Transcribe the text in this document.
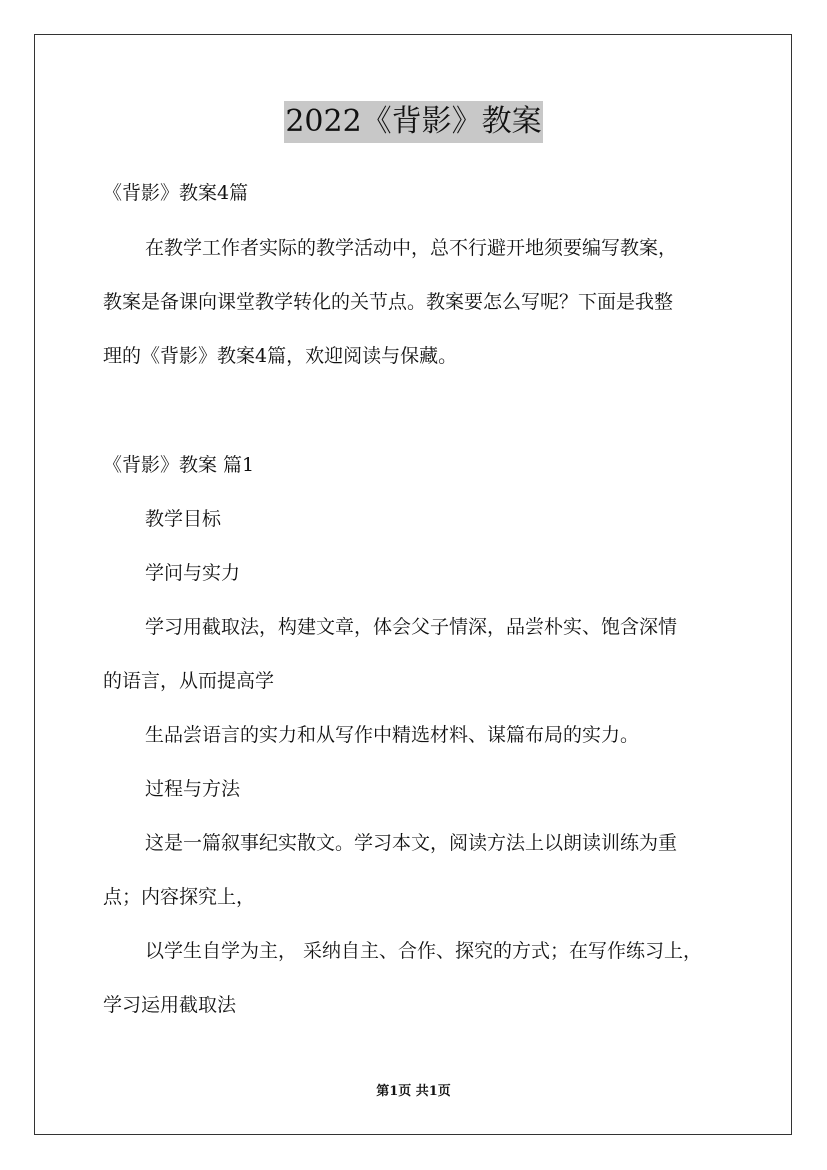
2022《背影》教案

《背影》教案4篇

在教学工作者实际的教学活动中，总不行避开地须要编写教案，

教案是备课向课堂教学转化的关节点。教案要怎么写呢？下面是我整

理的《背影》教案4篇，欢迎阅读与保藏。

《背影》教案 篇1

教学目标

学问与实力

学习用截取法，构建文章，体会父子情深，品尝朴实、饱含深情

的语言，从而提高学

生品尝语言的实力和从写作中精选材料、谋篇布局的实力。

过程与方法

这是一篇叙事纪实散文。学习本文，阅读方法上以朗读训练为重

点；内容探究上，

以学生自学为主， 采纳自主、合作、探究的方式；在写作练习上，

学习运用截取法

第1页 共1页
